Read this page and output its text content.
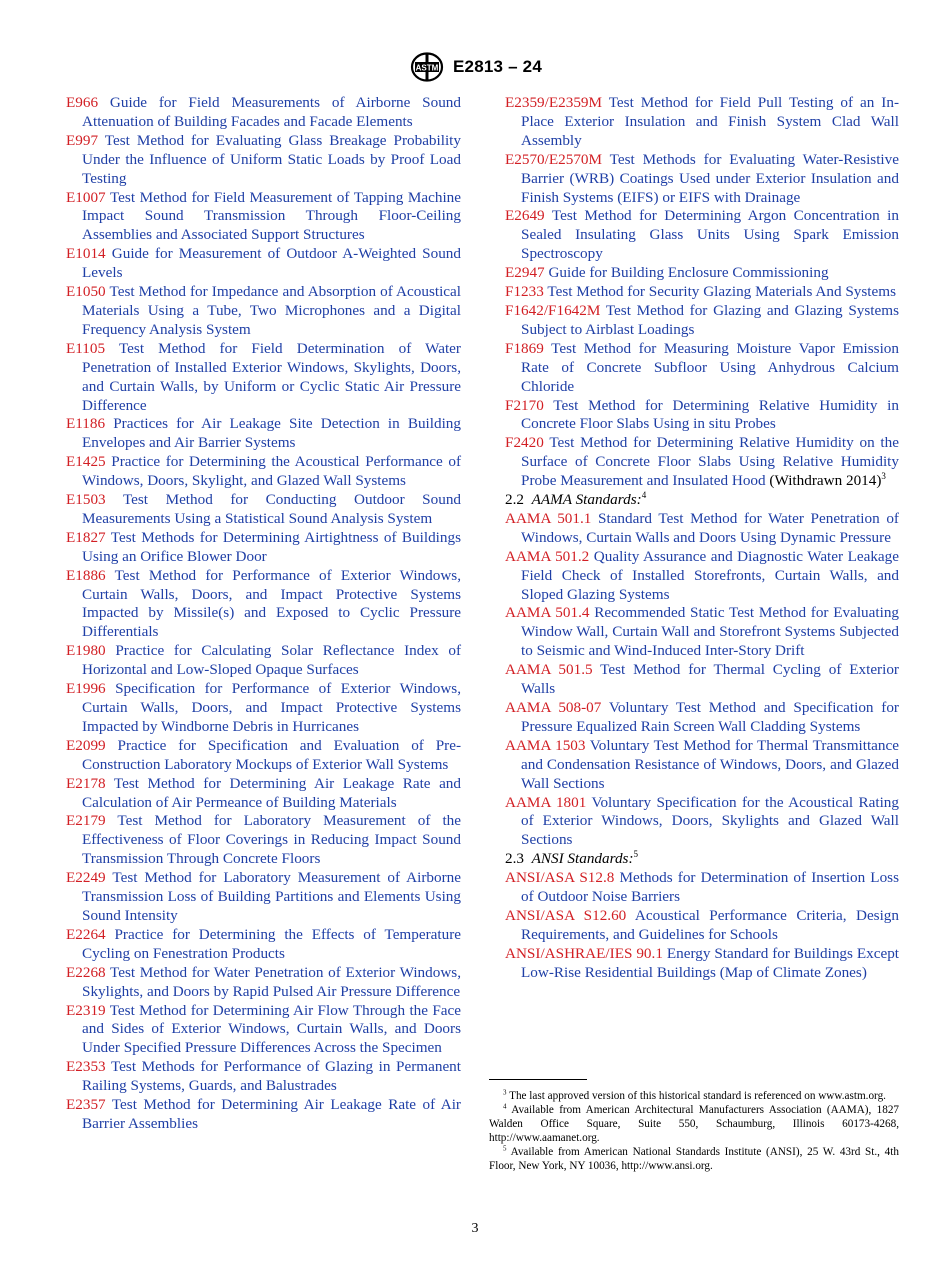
ASTM E2813 – 24

E966 Guide for Field Measurements of Airborne Sound Attenuation of Building Facades and Facade Elements

E997 Test Method for Evaluating Glass Breakage Probability Under the Influence of Uniform Static Loads by Proof Load Testing

E1007 Test Method for Field Measurement of Tapping Machine Impact Sound Transmission Through Floor-Ceiling Assemblies and Associated Support Structures

E1014 Guide for Measurement of Outdoor A-Weighted Sound Levels

E1050 Test Method for Impedance and Absorption of Acoustical Materials Using a Tube, Two Microphones and a Digital Frequency Analysis System

E1105 Test Method for Field Determination of Water Penetration of Installed Exterior Windows, Skylights, Doors, and Curtain Walls, by Uniform or Cyclic Static Air Pressure Difference

E1186 Practices for Air Leakage Site Detection in Building Envelopes and Air Barrier Systems

E1425 Practice for Determining the Acoustical Performance of Windows, Doors, Skylight, and Glazed Wall Systems

E1503 Test Method for Conducting Outdoor Sound Measurements Using a Statistical Sound Analysis System

E1827 Test Methods for Determining Airtightness of Buildings Using an Orifice Blower Door

E1886 Test Method for Performance of Exterior Windows, Curtain Walls, Doors, and Impact Protective Systems Impacted by Missile(s) and Exposed to Cyclic Pressure Differentials

E1980 Practice for Calculating Solar Reflectance Index of Horizontal and Low-Sloped Opaque Surfaces

E1996 Specification for Performance of Exterior Windows, Curtain Walls, Doors, and Impact Protective Systems Impacted by Windborne Debris in Hurricanes

E2099 Practice for Specification and Evaluation of Pre-Construction Laboratory Mockups of Exterior Wall Systems

E2178 Test Method for Determining Air Leakage Rate and Calculation of Air Permeance of Building Materials

E2179 Test Method for Laboratory Measurement of the Effectiveness of Floor Coverings in Reducing Impact Sound Transmission Through Concrete Floors

E2249 Test Method for Laboratory Measurement of Airborne Transmission Loss of Building Partitions and Elements Using Sound Intensity

E2264 Practice for Determining the Effects of Temperature Cycling on Fenestration Products

E2268 Test Method for Water Penetration of Exterior Windows, Skylights, and Doors by Rapid Pulsed Air Pressure Difference

E2319 Test Method for Determining Air Flow Through the Face and Sides of Exterior Windows, Curtain Walls, and Doors Under Specified Pressure Differences Across the Specimen

E2353 Test Methods for Performance of Glazing in Permanent Railing Systems, Guards, and Balustrades

E2357 Test Method for Determining Air Leakage Rate of Air Barrier Assemblies

E2359/E2359M Test Method for Field Pull Testing of an In-Place Exterior Insulation and Finish System Clad Wall Assembly

E2570/E2570M Test Methods for Evaluating Water-Resistive Barrier (WRB) Coatings Used under Exterior Insulation and Finish Systems (EIFS) or EIFS with Drainage

E2649 Test Method for Determining Argon Concentration in Sealed Insulating Glass Units Using Spark Emission Spectroscopy

E2947 Guide for Building Enclosure Commissioning

F1233 Test Method for Security Glazing Materials And Systems

F1642/F1642M Test Method for Glazing and Glazing Systems Subject to Airblast Loadings

F1869 Test Method for Measuring Moisture Vapor Emission Rate of Concrete Subfloor Using Anhydrous Calcium Chloride

F2170 Test Method for Determining Relative Humidity in Concrete Floor Slabs Using in situ Probes

F2420 Test Method for Determining Relative Humidity on the Surface of Concrete Floor Slabs Using Relative Humidity Probe Measurement and Insulated Hood (Withdrawn 2014)$^3$

2.2 AAMA Standards:$^4$

AAMA 501.1 Standard Test Method for Water Penetration of Windows, Curtain Walls and Doors Using Dynamic Pressure

AAMA 501.2 Quality Assurance and Diagnostic Water Leakage Field Check of Installed Storefronts, Curtain Walls, and Sloped Glazing Systems

AAMA 501.4 Recommended Static Test Method for Evaluating Window Wall, Curtain Wall and Storefront Systems Subjected to Seismic and Wind-Induced Inter-Story Drift

AAMA 501.5 Test Method for Thermal Cycling of Exterior Walls

AAMA 508-07 Voluntary Test Method and Specification for Pressure Equalized Rain Screen Wall Cladding Systems

AAMA 1503 Voluntary Test Method for Thermal Transmittance and Condensation Resistance of Windows, Doors, and Glazed Wall Sections

AAMA 1801 Voluntary Specification for the Acoustical Rating of Exterior Windows, Doors, Skylights and Glazed Wall Sections

2.3 ANSI Standards:$^5$

ANSI/ASA S12.8 Methods for Determination of Insertion Loss of Outdoor Noise Barriers

ANSI/ASA S12.60 Acoustical Performance Criteria, Design Requirements, and Guidelines for Schools

ANSI/ASHRAE/IES 90.1 Energy Standard for Buildings Except Low-Rise Residential Buildings (Map of Climate Zones)

$^3$ The last approved version of this historical standard is referenced on www.astm.org.

$^4$ Available from American Architectural Manufacturers Association (AAMA), 1827 Walden Office Square, Suite 550, Schaumburg, Illinois 60173-4268, http://www.aamanet.org.

$^5$ Available from American National Standards Institute (ANSI), 25 W. 43rd St., 4th Floor, New York, NY 10036, http://www.ansi.org.

3
